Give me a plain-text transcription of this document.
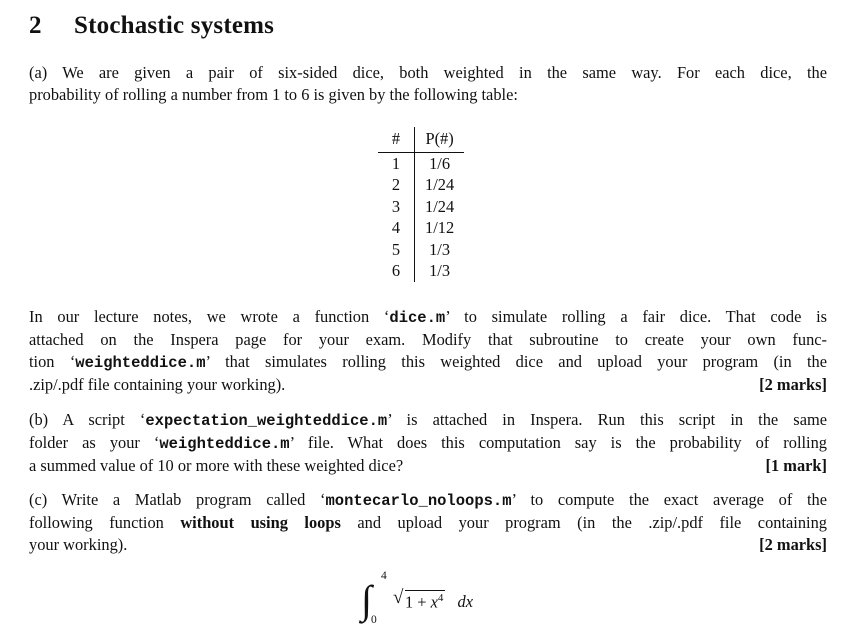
2 Stochastic systems
(a) We are given a pair of six-sided dice, both weighted in the same way. For each dice, the
probability of rolling a number from 1 to 6 is given by the following table:
#	P(#)
1	1/6
2	1/24
3	1/24
4	1/12
5	1/3
6	1/3
In our lecture notes, we wrote a function ‘dice.m’ to simulate rolling a fair dice. That code is
attached on the Inspera page for your exam. Modify that subroutine to create your own func-
tion ‘weighteddice.m’ that simulates rolling this weighted dice and upload your program (in the
.zip/.pdf file containing your working).	[2 marks]
(b) A script ‘expectation_weighteddice.m’ is attached in Inspera. Run this script in the same
folder as your ‘weighteddice.m’ file. What does this computation say is the probability of rolling
a summed value of 10 or more with these weighted dice?	[1 mark]
(c) Write a Matlab program called ‘montecarlo_noloops.m’ to compute the exact average of the
following function without using loops and upload your program (in the .zip/.pdf file containing
your working).	[2 marks]
∫
4
0
√ $1 + x^4$ dx
